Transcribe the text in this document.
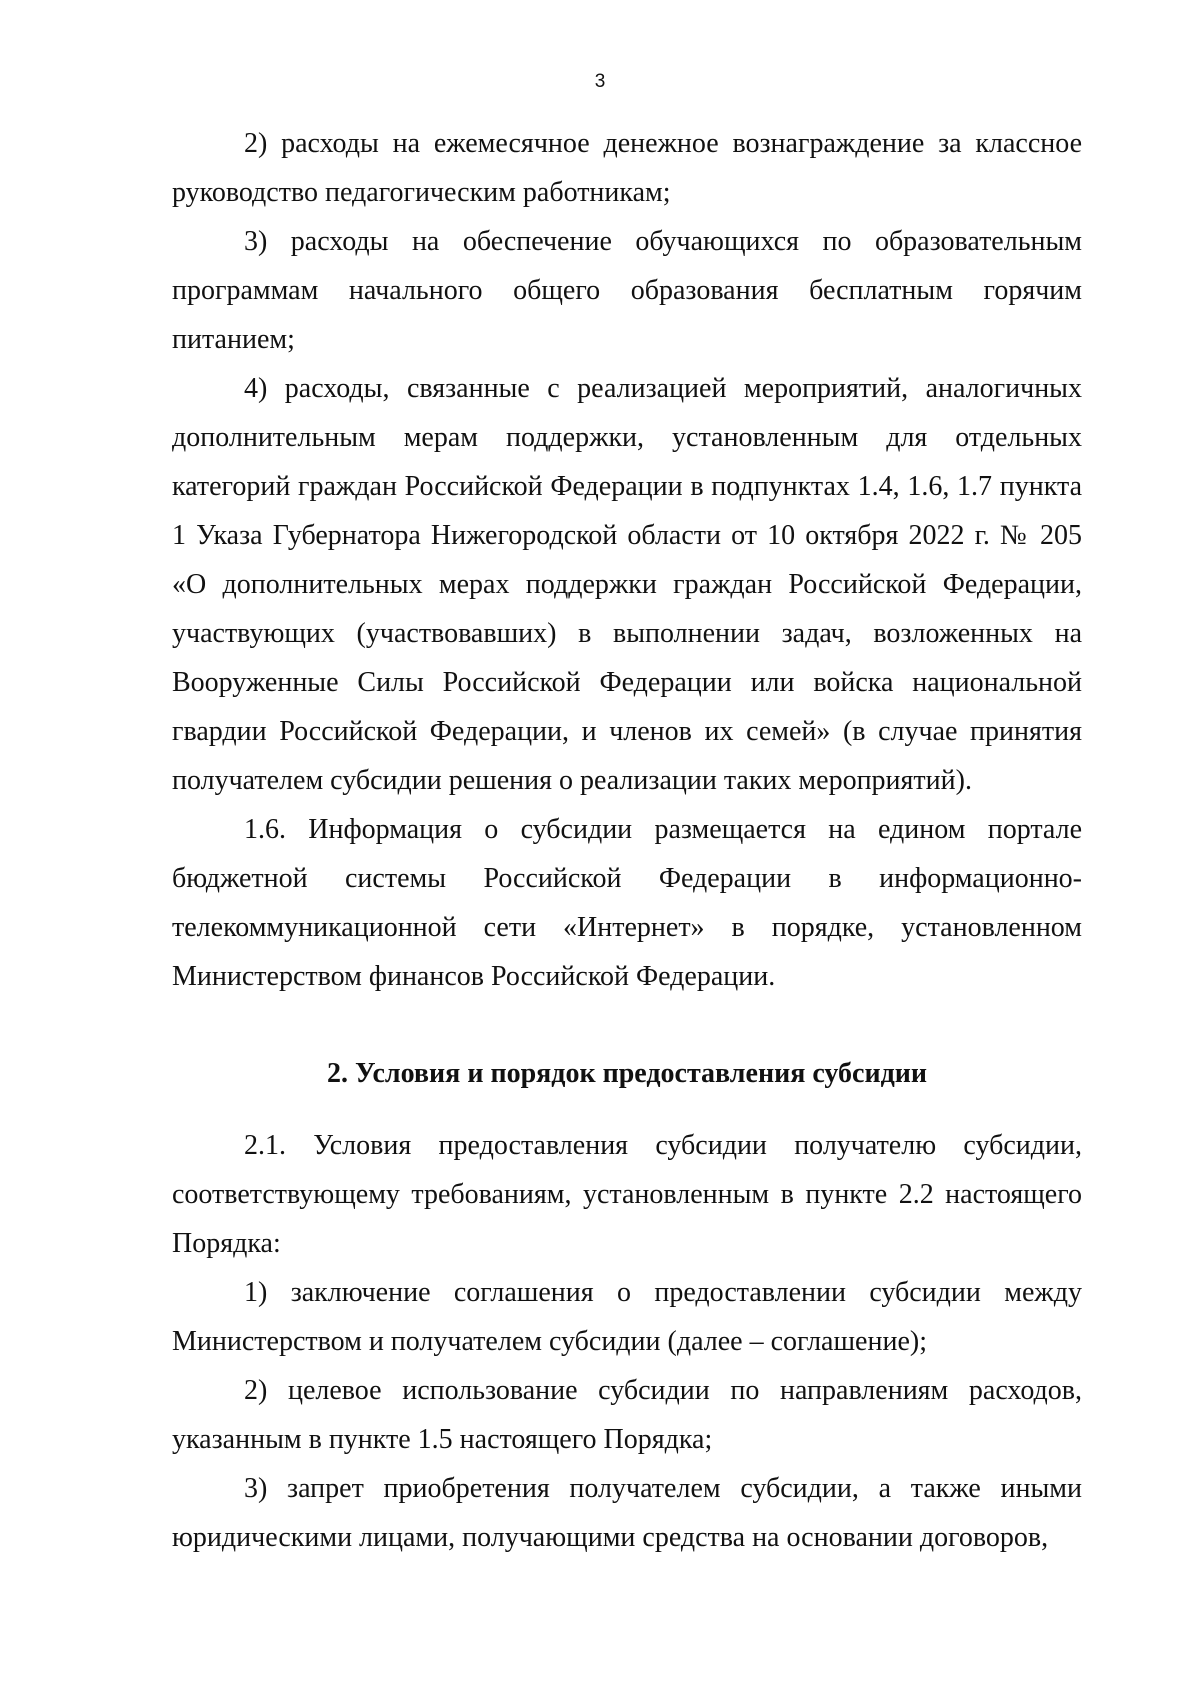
3

2) расходы на ежемесячное денежное вознаграждение за классное руководство педагогическим работникам;

3) расходы на обеспечение обучающихся по образовательным программам начального общего образования бесплатным горячим питанием;

4) расходы, связанные с реализацией мероприятий, аналогичных дополнительным мерам поддержки, установленным для отдельных категорий граждан Российской Федерации в подпунктах 1.4, 1.6, 1.7 пункта 1 Указа Губернатора Нижегородской области от 10 октября 2022 г. № 205 «О дополнительных мерах поддержки граждан Российской Федерации, участвующих (участвовавших) в выполнении задач, возложенных на Вооруженные Силы Российской Федерации или войска национальной гвардии Российской Федерации, и членов их семей» (в случае принятия получателем субсидии решения о реализации таких мероприятий).

1.6. Информация о субсидии размещается на едином портале бюджетной системы Российской Федерации в информационно-телекоммуникационной сети «Интернет» в порядке, установленном Министерством финансов Российской Федерации.

2. Условия и порядок предоставления субсидии

2.1. Условия предоставления субсидии получателю субсидии, соответствующему требованиям, установленным в пункте 2.2 настоящего Порядка:

1) заключение соглашения о предоставлении субсидии между Министерством и получателем субсидии (далее – соглашение);

2) целевое использование субсидии по направлениям расходов, указанным в пункте 1.5 настоящего Порядка;

3) запрет приобретения получателем субсидии, а также иными юридическими лицами, получающими средства на основании договоров,
